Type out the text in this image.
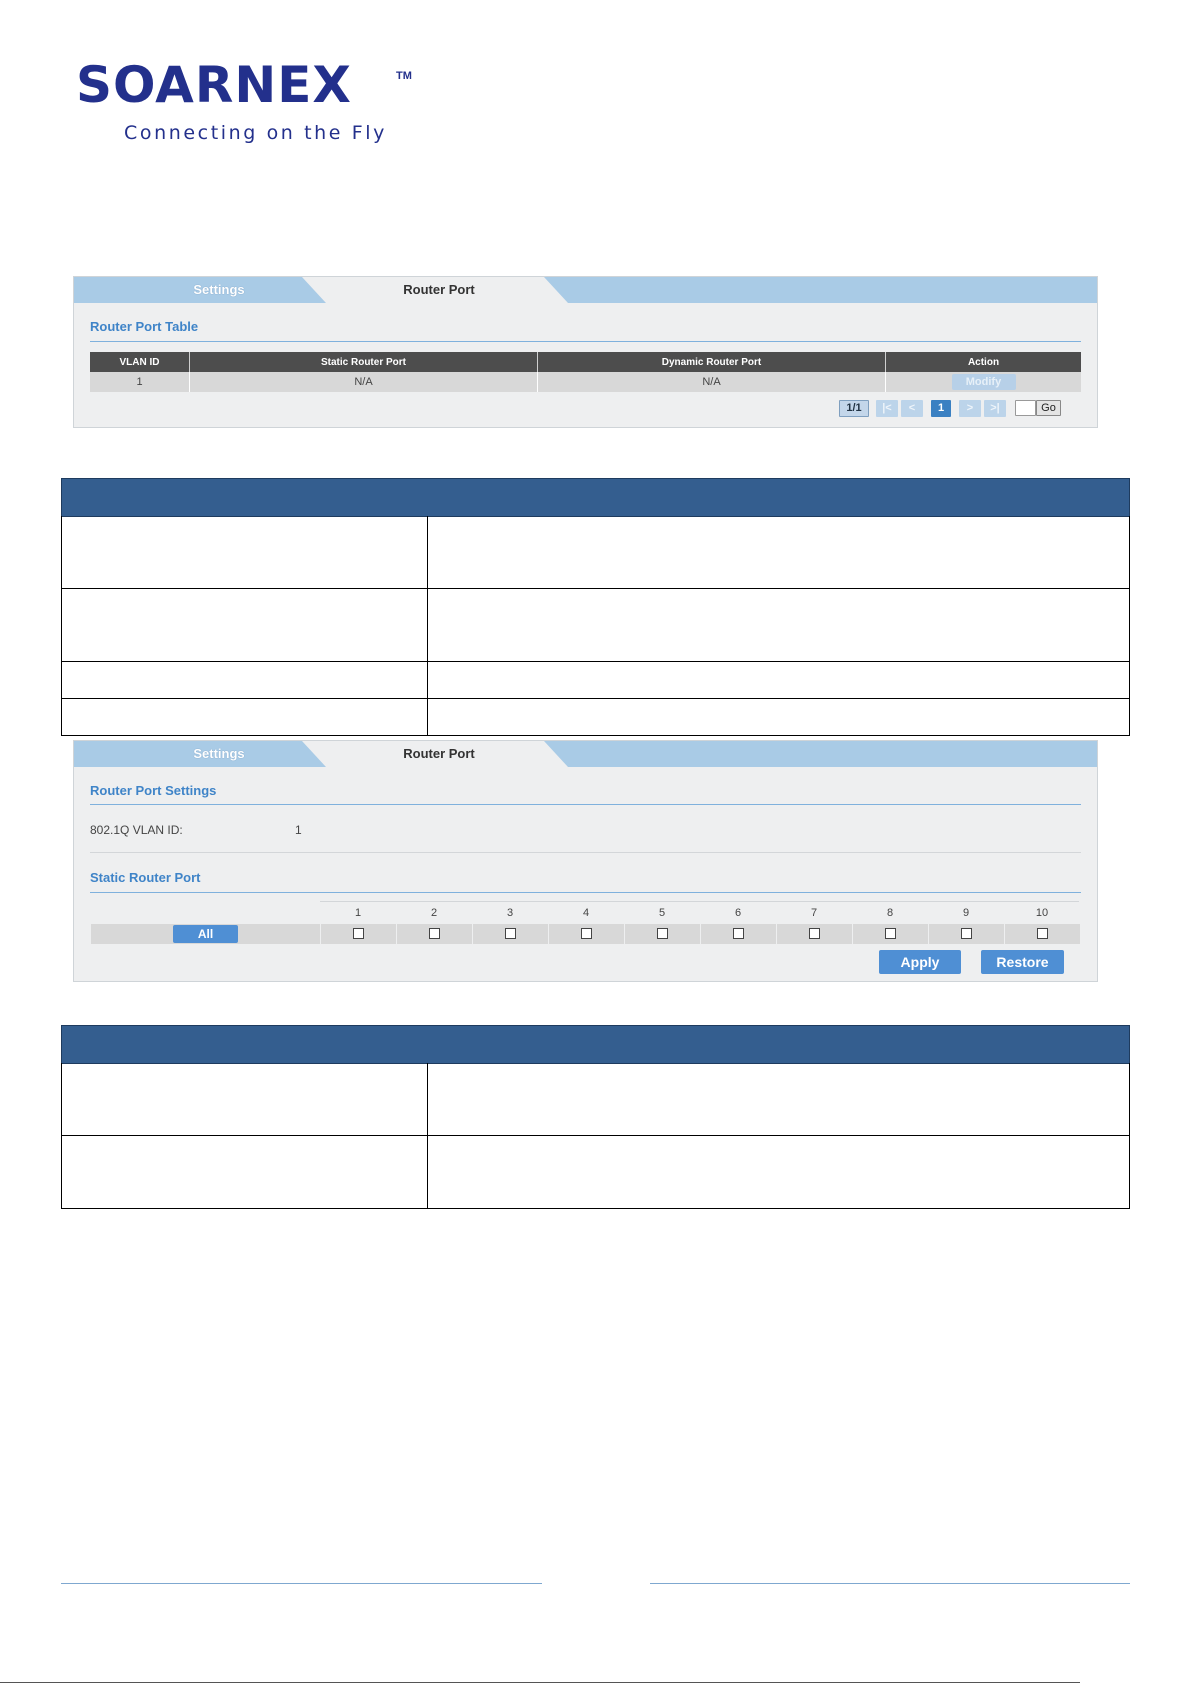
SOARNEX	TM
Connecting on the Fly
Settings	Router Port
Router Port Table
VLAN ID	Static Router Port	Dynamic Router Port	Action
1	N/A	N/A	Modify
1/1	|<	<	1	>	>|	Go
Settings	Router Port
Router Port Settings
802.1Q VLAN ID:	1
Static Router Port
All
1	2	3	4	5	6	7	8	9	10
Apply	Restore
